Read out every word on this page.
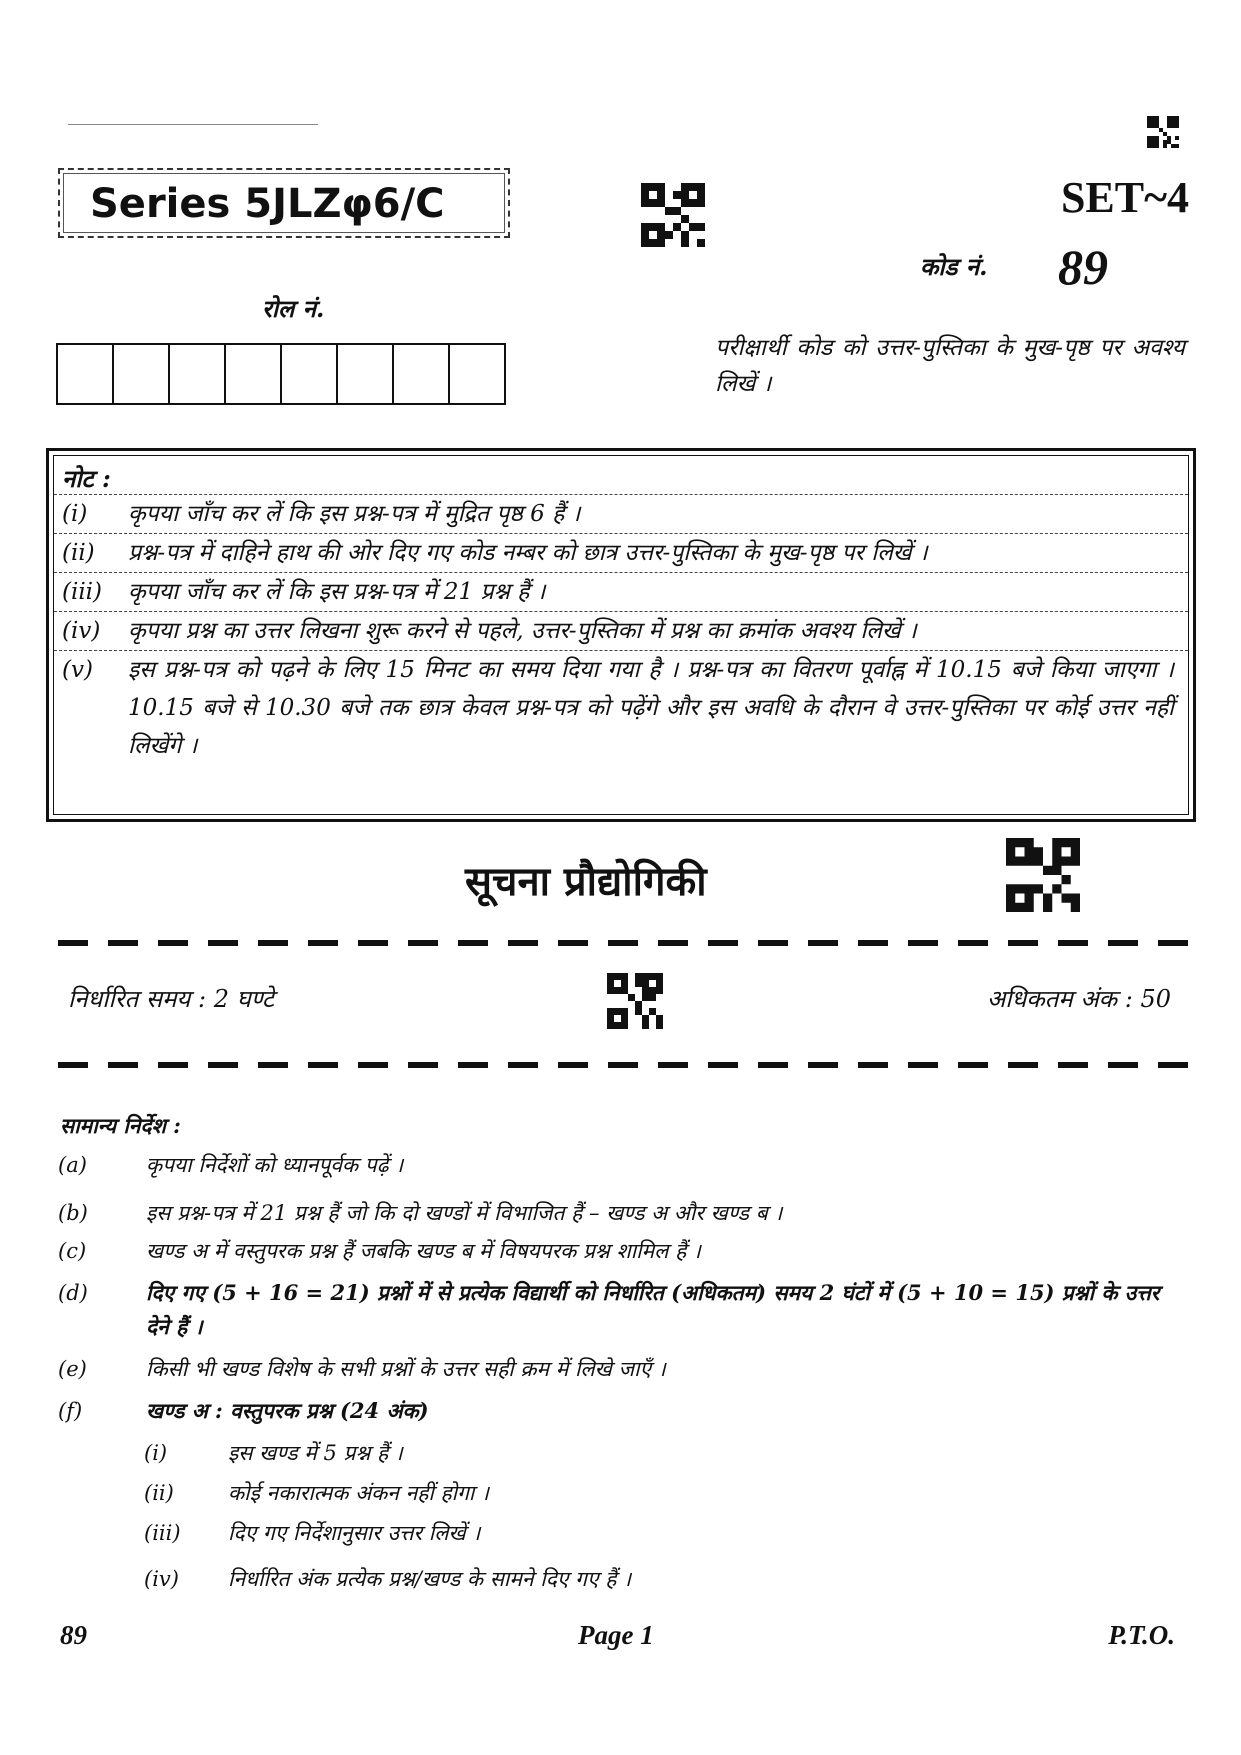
Series 5JLZφ6/C	SET~4
कोड नं. 89
रोल नं.
परीक्षार्थी कोड को उत्तर-पुस्तिका के मुख-पृष्ठ पर अवश्य लिखें ।
नोट :
(i)	कृपया जाँच कर लें कि इस प्रश्न-पत्र में मुद्रित पृष्ठ 6 हैं ।
(ii)	प्रश्न-पत्र में दाहिने हाथ की ओर दिए गए कोड नम्बर को छात्र उत्तर-पुस्तिका के मुख-पृष्ठ पर लिखें ।
(iii)	कृपया जाँच कर लें कि इस प्रश्न-पत्र में 21 प्रश्न हैं ।
(iv)	कृपया प्रश्न का उत्तर लिखना शुरू करने से पहले, उत्तर-पुस्तिका में प्रश्न का क्रमांक अवश्य लिखें ।
(v)	इस प्रश्न-पत्र को पढ़ने के लिए 15 मिनट का समय दिया गया है । प्रश्न-पत्र का वितरण पूर्वाह्न में 10.15 बजे किया जाएगा । 10.15 बजे से 10.30 बजे तक छात्र केवल प्रश्न-पत्र को पढ़ेंगे और इस अवधि के दौरान वे उत्तर-पुस्तिका पर कोई उत्तर नहीं लिखेंगे ।
सूचना प्रौद्योगिकी
निर्धारित समय : 2 घण्टे	अधिकतम अंक : 50
सामान्य निर्देश :
(a)	कृपया निर्देशों को ध्यानपूर्वक पढ़ें ।
(b)	इस प्रश्न-पत्र में 21 प्रश्न हैं जो कि दो खण्डों में विभाजित हैं – खण्ड अ और खण्ड ब ।
(c)	खण्ड अ में वस्तुपरक प्रश्न हैं जबकि खण्ड ब में विषयपरक प्रश्न शामिल हैं ।
(d)	दिए गए (5 + 16 = 21) प्रश्नों में से प्रत्येक विद्यार्थी को निर्धारित (अधिकतम) समय 2 घंटों में (5 + 10 = 15) प्रश्नों के उत्तर देने हैं ।
(e)	किसी भी खण्ड विशेष के सभी प्रश्नों के उत्तर सही क्रम में लिखे जाएँ ।
(f)	खण्ड अ : वस्तुपरक प्रश्न (24 अंक)
(i)	इस खण्ड में 5 प्रश्न हैं ।
(ii)	कोई नकारात्मक अंकन नहीं होगा ।
(iii)	दिए गए निर्देशानुसार उत्तर लिखें ।
(iv)	निर्धारित अंक प्रत्येक प्रश्न/खण्ड के सामने दिए गए हैं ।
89	Page 1	P.T.O.
